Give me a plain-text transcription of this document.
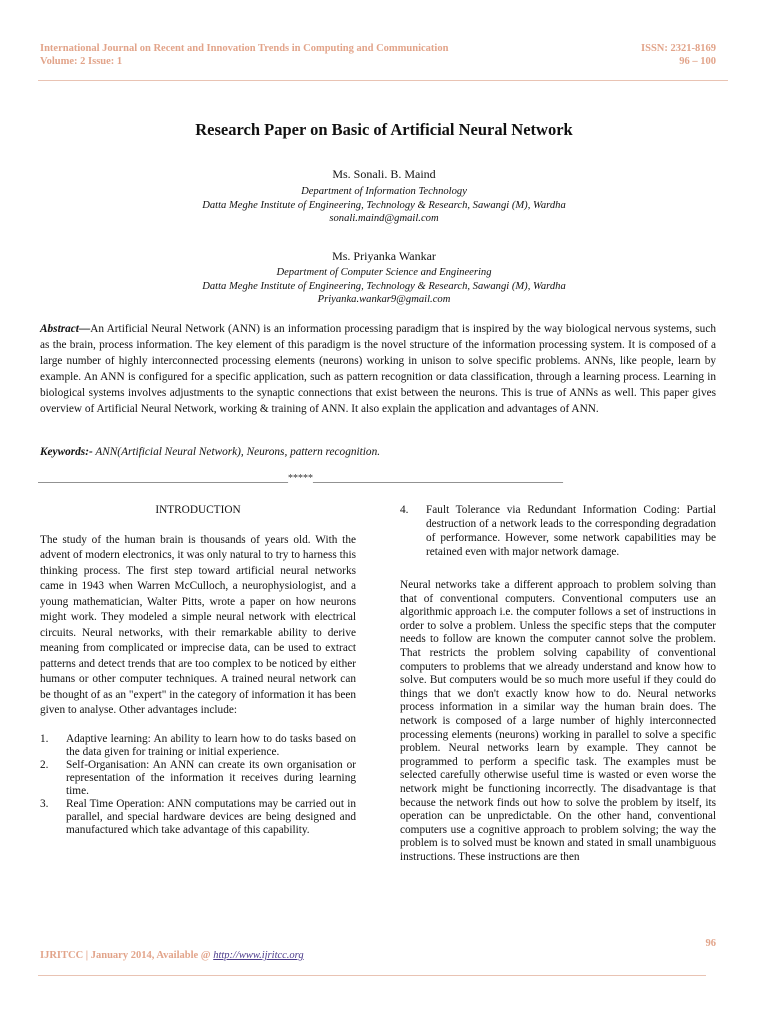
International Journal on Recent and Innovation Trends in Computing and Communication
Volume: 2 Issue: 1
ISSN: 2321-8169
96 – 100
Research Paper on Basic of Artificial Neural Network
Ms. Sonali. B. Maind
Department of Information Technology
Datta Meghe Institute of Engineering, Technology & Research, Sawangi (M), Wardha
sonali.maind@gmail.com
Ms. Priyanka Wankar
Department of Computer Science and Engineering
Datta Meghe Institute of Engineering, Technology & Research, Sawangi (M), Wardha
Priyanka.wankar9@gmail.com
Abstract—An Artificial Neural Network (ANN) is an information processing paradigm that is inspired by the way biological nervous systems, such as the brain, process information. The key element of this paradigm is the novel structure of the information processing system. It is composed of a large number of highly interconnected processing elements (neurons) working in unison to solve specific problems. ANNs, like people, learn by example. An ANN is configured for a specific application, such as pattern recognition or data classification, through a learning process. Learning in biological systems involves adjustments to the synaptic connections that exist between the neurons. This is true of ANNs as well. This paper gives overview of Artificial Neural Network, working & training of ANN. It also explain the application and advantages of ANN.
Keywords:- ANN(Artificial Neural Network), Neurons, pattern recognition.
__________________________________________________*****__________________________________________________
INTRODUCTION

The study of the human brain is thousands of years old. With the advent of modern electronics, it was only natural to try to harness this thinking process. The first step toward artificial neural networks came in 1943 when Warren McCulloch, a neurophysiologist, and a young mathematician, Walter Pitts, wrote a paper on how neurons might work. They modeled a simple neural network with electrical circuits. Neural networks, with their remarkable ability to derive meaning from complicated or imprecise data, can be used to extract patterns and detect trends that are too complex to be noticed by either humans or other computer techniques. A trained neural network can be thought of as an "expert" in the category of information it has been given to analyse. Other advantages include:

1.	Adaptive learning: An ability to learn how to do tasks based on the data given for training or initial experience.
2.	Self-Organisation: An ANN can create its own organisation or representation of the information it receives during learning time.
3.	Real Time Operation: ANN computations may be carried out in parallel, and special hardware devices are being designed and manufactured which take advantage of this capability.
4.	Fault Tolerance via Redundant Information Coding: Partial destruction of a network leads to the corresponding degradation of performance. However, some network capabilities may be retained even with major network damage.

Neural networks take a different approach to problem solving than that of conventional computers. Conventional computers use an algorithmic approach i.e. the computer follows a set of instructions in order to solve a problem. Unless the specific steps that the computer needs to follow are known the computer cannot solve the problem. That restricts the problem solving capability of conventional computers to problems that we already understand and know how to solve. But computers would be so much more useful if they could do things that we don't exactly know how to do. Neural networks process information in a similar way the human brain does. The network is composed of a large number of highly interconnected processing elements (neurons) working in parallel to solve a specific problem. Neural networks learn by example. They cannot be programmed to perform a specific task. The examples must be selected carefully otherwise useful time is wasted or even worse the network might be functioning incorrectly. The disadvantage is that because the network finds out how to solve the problem by itself, its operation can be unpredictable. On the other hand, conventional computers use a cognitive approach to problem solving; the way the problem is to solved must be known and stated in small unambiguous instructions. These instructions are then

96
IJRITCC | January 2014, Available @ http://www.ijritcc.org
